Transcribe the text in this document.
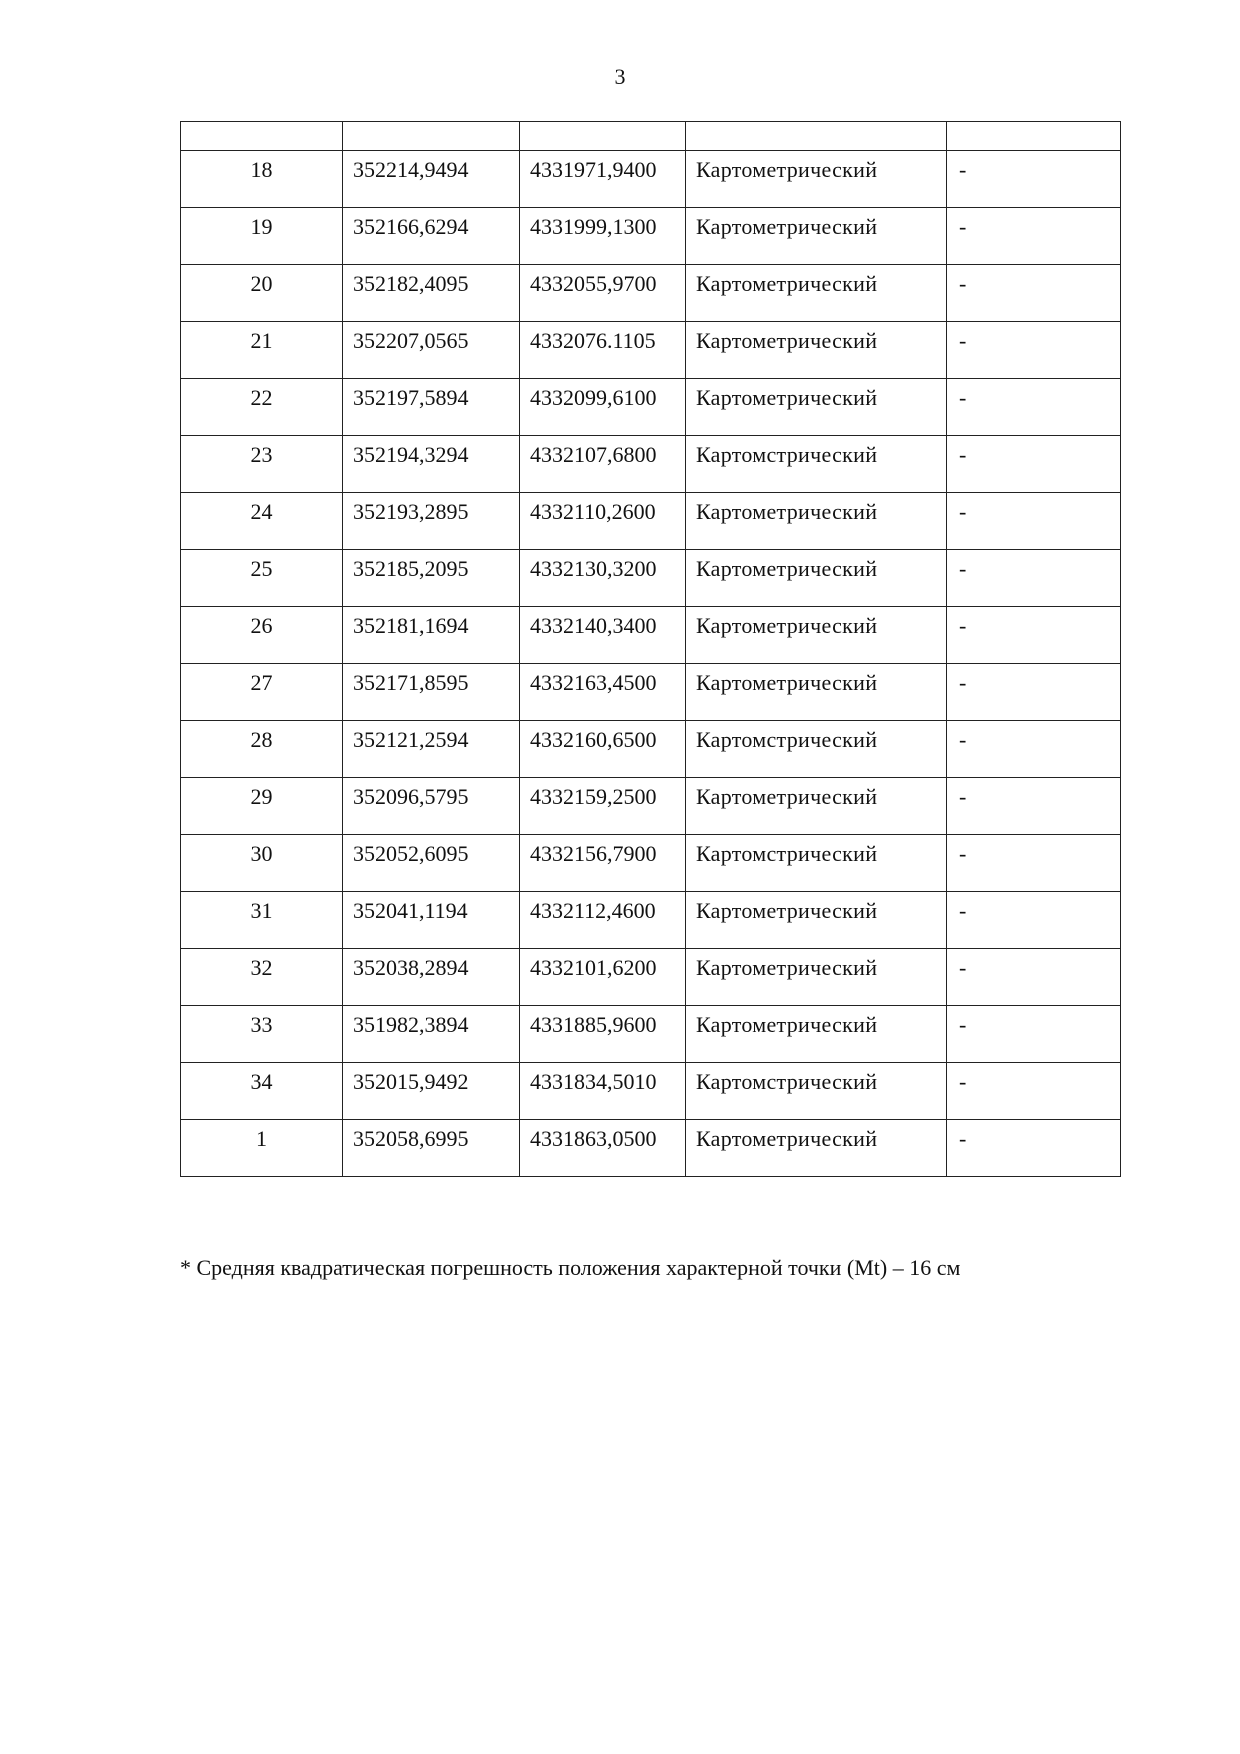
3

18	352214,9494	4331971,9400	Картометрический	-

19	352166,6294	4331999,1300	Картометрический	-

20	352182,4095	4332055,9700	Картометрический	-

21	352207,0565	4332076.1105	Картометрический	-

22	352197,5894	4332099,6100	Картометрический	-

23	352194,3294	4332107,6800	Картомстрический	-

24	352193,2895	4332110,2600	Картометрический	-

25	352185,2095	4332130,3200	Картометрический	-

26	352181,1694	4332140,3400	Картометрический	-

27	352171,8595	4332163,4500	Картометрический	-

28	352121,2594	4332160,6500	Картомстрический	-

29	352096,5795	4332159,2500	Картометрический	-

30	352052,6095	4332156,7900	Картомстрический	-

31	352041,1194	4332112,4600	Картометрический	-

32	352038,2894	4332101,6200	Картометрический	-

33	351982,3894	4331885,9600	Картометрический	-

34	352015,9492	4331834,5010	Картомстрический	-

1	352058,6995	4331863,0500	Картометрический	-
* Средняя квадратическая погрешность положения характерной точки (Mt) – 16 см
